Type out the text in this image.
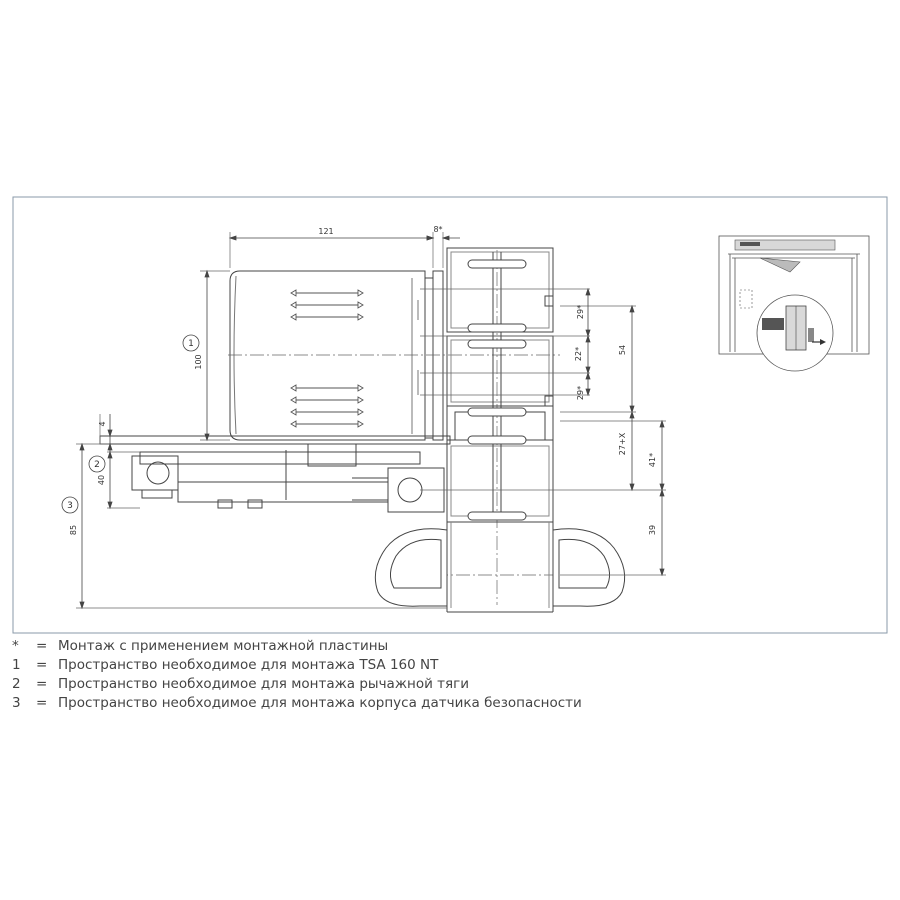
121	8*
100
4
40
85
29*
22*
29*
54
27+X
41*
39
1
2
3
*	= Монтаж с применением монтажной пластины
1	= Пространство необходимое для монтажа TSA 160 NT
2	= Пространство необходимое для монтажа рычажной тяги
3	= Пространство необходимое для монтажа корпуса датчика безопасности
